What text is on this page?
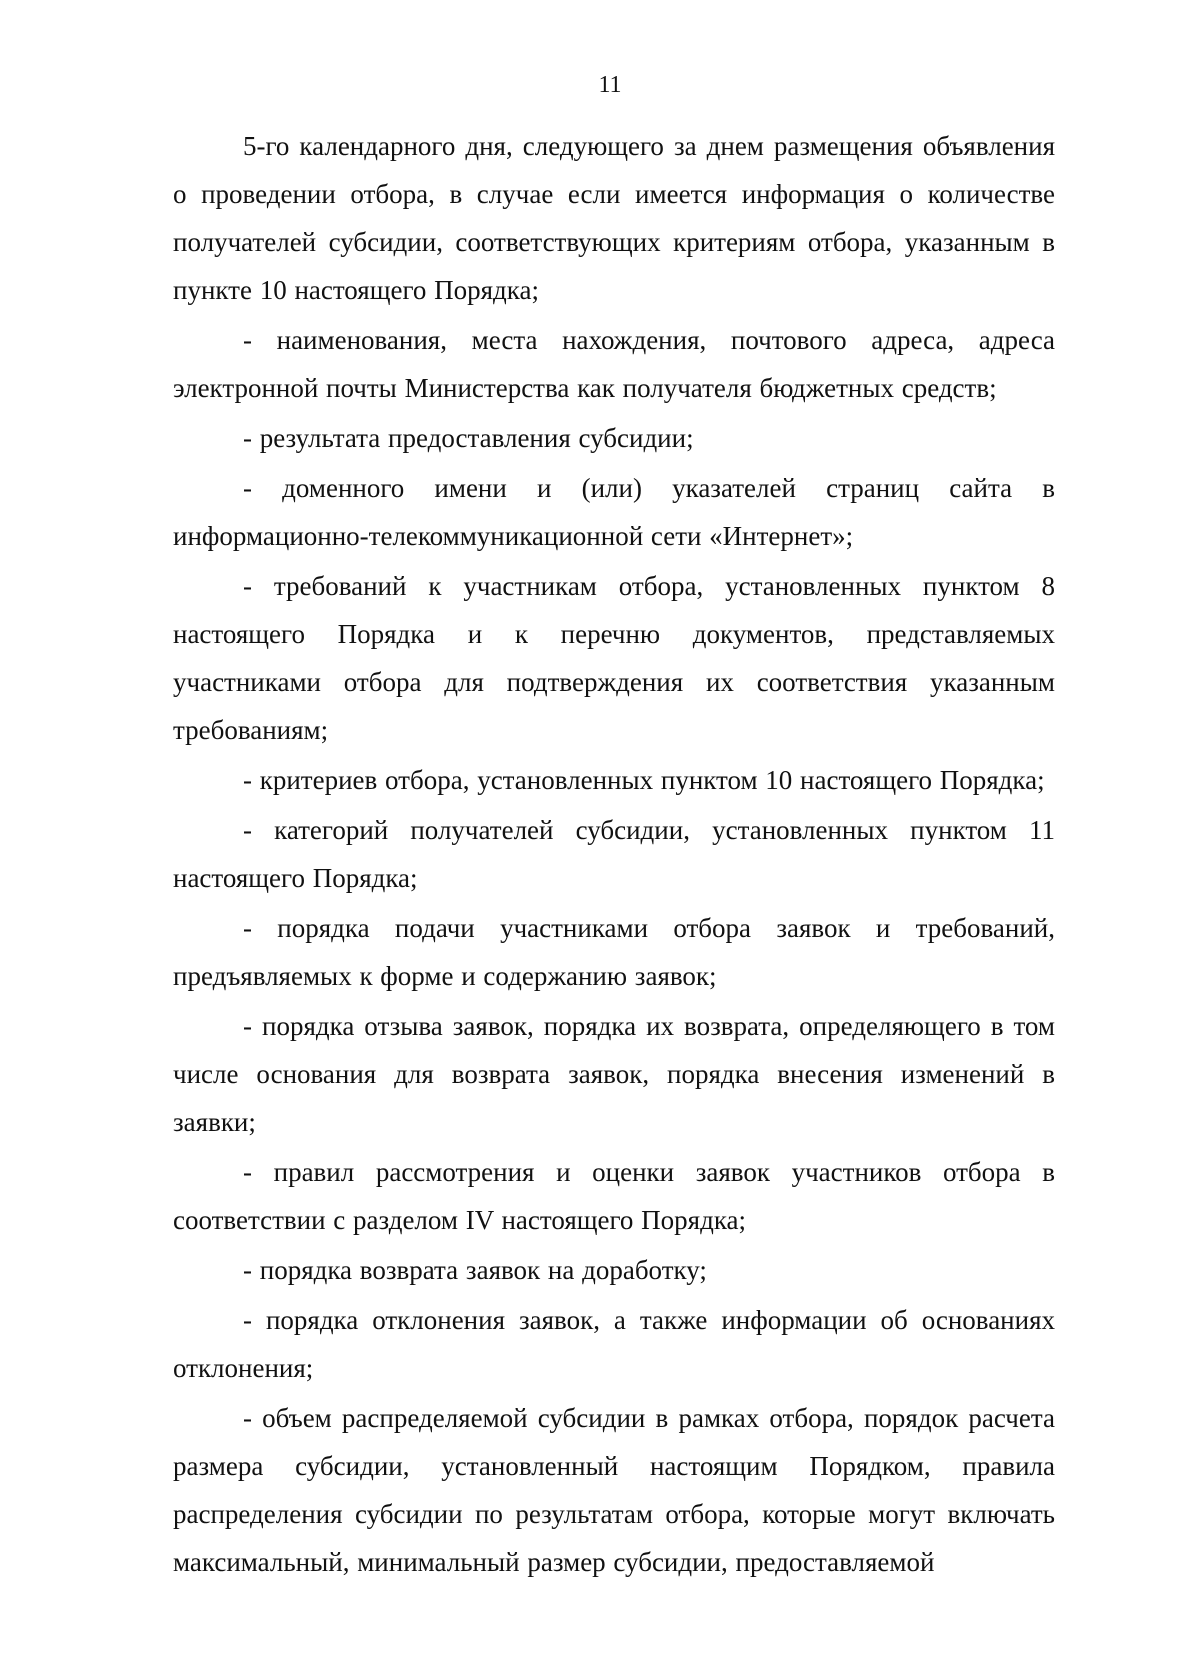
11

5-го календарного дня, следующего за днем размещения объявления о проведении отбора, в случае если имеется информация о количестве получателей субсидии, соответствующих критериям отбора, указанным в пункте 10 настоящего Порядка;

- наименования, места нахождения, почтового адреса, адреса электронной почты Министерства как получателя бюджетных средств;

- результата предоставления субсидии;

- доменного имени и (или) указателей страниц сайта в информационно-телекоммуникационной сети «Интернет»;

- требований к участникам отбора, установленных пунктом 8 настоящего Порядка и к перечню документов, представляемых участниками отбора для подтверждения их соответствия указанным требованиям;

- критериев отбора, установленных пунктом 10 настоящего Порядка;

- категорий получателей субсидии, установленных пунктом 11 настоящего Порядка;

- порядка подачи участниками отбора заявок и требований, предъявляемых к форме и содержанию заявок;

- порядка отзыва заявок, порядка их возврата, определяющего в том числе основания для возврата заявок, порядка внесения изменений в заявки;

- правил рассмотрения и оценки заявок участников отбора в соответствии с разделом IV настоящего Порядка;

- порядка возврата заявок на доработку;

- порядка отклонения заявок, а также информации об основаниях отклонения;

- объем распределяемой субсидии в рамках отбора, порядок расчета размера субсидии, установленный настоящим Порядком, правила распределения субсидии по результатам отбора, которые могут включать максимальный, минимальный размер субсидии, предоставляемой
